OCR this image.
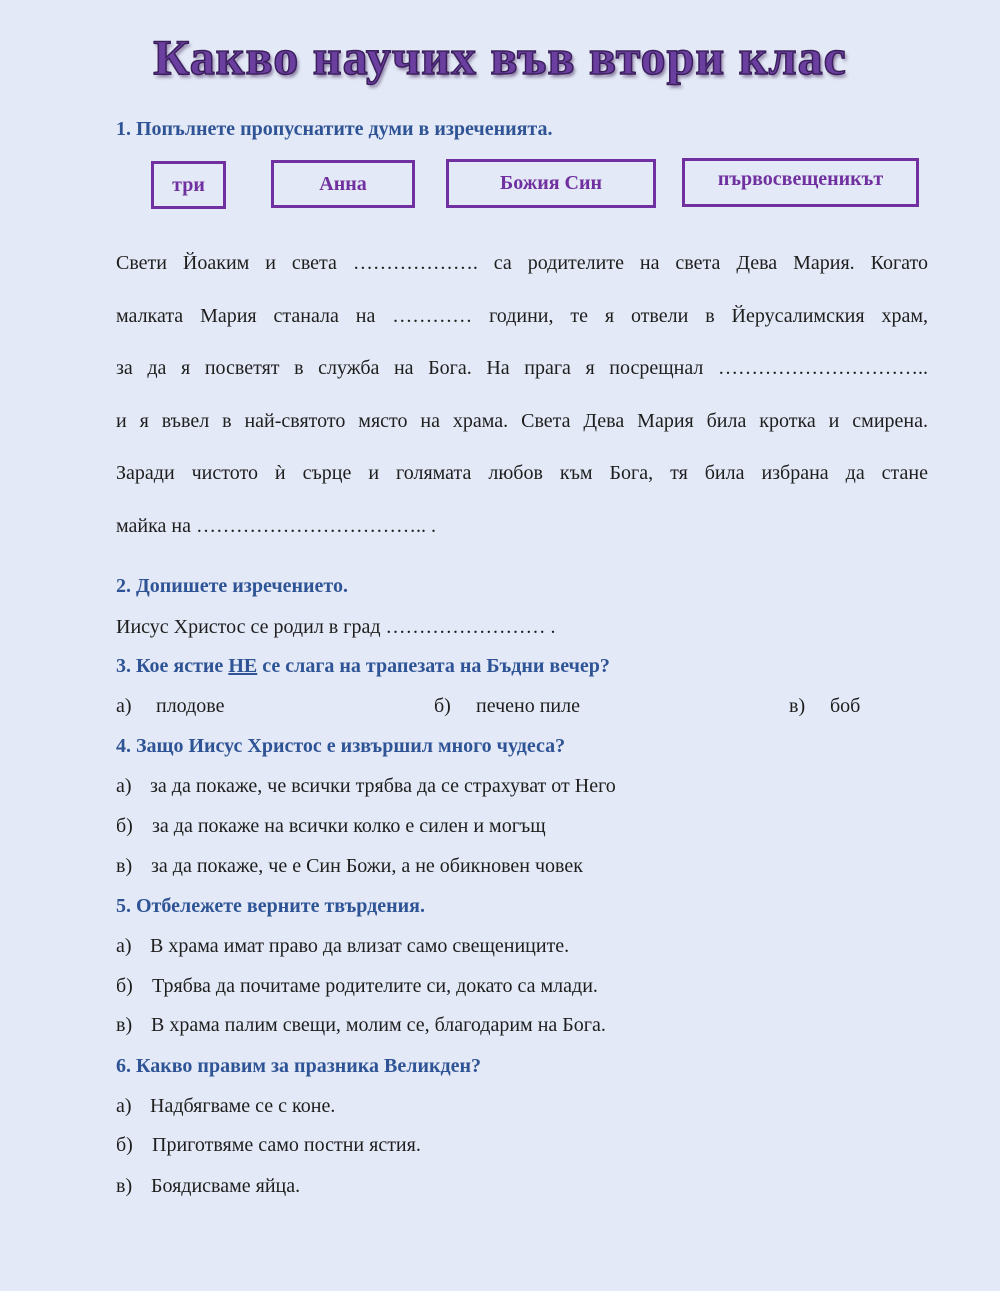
Какво научих във втори клас
1. Попълнете пропуснатите думи в изреченията.
три	Анна	Божия Син	първосвещеникът
Свети Йоаким и света ………………. са родителите на света Дева Мария. Когато
малката Мария станала на ………… години, те я отвели в Йерусалимския храм,
за да я посветят в служба на Бога. На прага я посрещнал …………………………..
и я въвел в най-святото място на храма. Света Дева Мария била кротка и смирена.
Заради чистото ѝ сърце и голямата любов към Бога, тя била избрана да стане
майка на …………………………….. .
2. Допишете изречението.
Иисус Христос се родил в град …………………… .
3. Кое ястие НЕ се слага на трапезата на Бъдни вечер?
а) плодове	б) печено пиле	в) боб
4. Защо Иисус Христос е извършил много чудеса?
а) за да покаже, че всички трябва да се страхуват от Него
б) за да покаже на всички колко е силен и могъщ
в) за да покаже, че е Син Божи, а не обикновен човек
5. Отбележете верните твърдения.
а) В храма имат право да влизат само свещениците.
б) Трябва да почитаме родителите си, докато са млади.
в) В храма палим свещи, молим се, благодарим на Бога.
6. Какво правим за празника Великден?
а) Надбягваме се с коне.
б) Приготвяме само постни ястия.
в) Боядисваме яйца.
